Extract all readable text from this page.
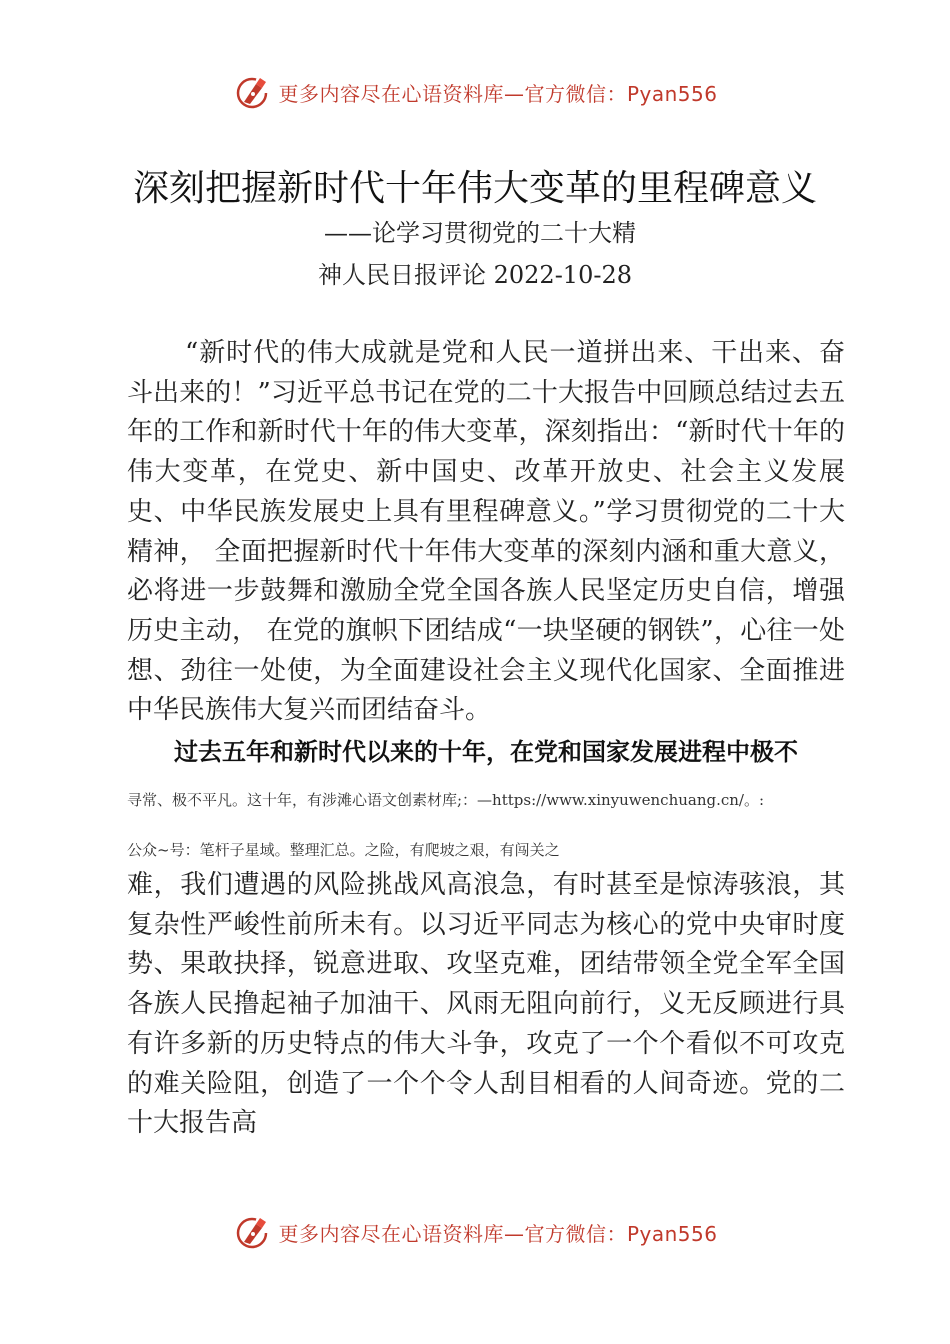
更多内容尽在心语资料库—官方微信：Pyan556
深刻把握新时代十年伟大变革的里程碑意义
——论学习贯彻党的二十大精
神人民日报评论 2022-10-28

“新时代的伟大成就是党和人民一道拼出来、干出来、奋斗出来的！”习近平总书记在党的二十大报告中回顾总结过去五年的工作和新时代十年的伟大变革，深刻指出：“新时代十年的伟大变革，在党史、新中国史、改革开放史、社会主义发展史、中华民族发展史上具有里程碑意义。”学习贯彻党的二十大精神， 全面把握新时代十年伟大变革的深刻内涵和重大意义，必将进一步鼓舞和激励全党全国各族人民坚定历史自信，增强历史主动， 在党的旗帜下团结成“一块坚硬的钢铁”，心往一处想、劲往一处使，为全面建设社会主义现代化国家、全面推进中华民族伟大复兴而团结奋斗。

过去五年和新时代以来的十年，在党和国家发展进程中极不
寻常、极不平凡。这十年，有涉滩心语文创素材库;：—https://www.xinyuwenchuang.cn/。:
公众~号：笔杆子星域。整理汇总。之险，有爬坡之艰，有闯关之

难，我们遭遇的风险挑战风高浪急，有时甚至是惊涛骇浪，其复杂性严峻性前所未有。以习近平同志为核心的党中央审时度势、果敢抉择，锐意进取、攻坚克难，团结带领全党全军全国各族人民撸起袖子加油干、风雨无阻向前行，义无反顾进行具有许多新的历史特点的伟大斗争，攻克了一个个看似不可攻克的难关险阻，创造了一个个令人刮目相看的人间奇迹。党的二十大报告高

更多内容尽在心语资料库—官方微信：Pyan556
